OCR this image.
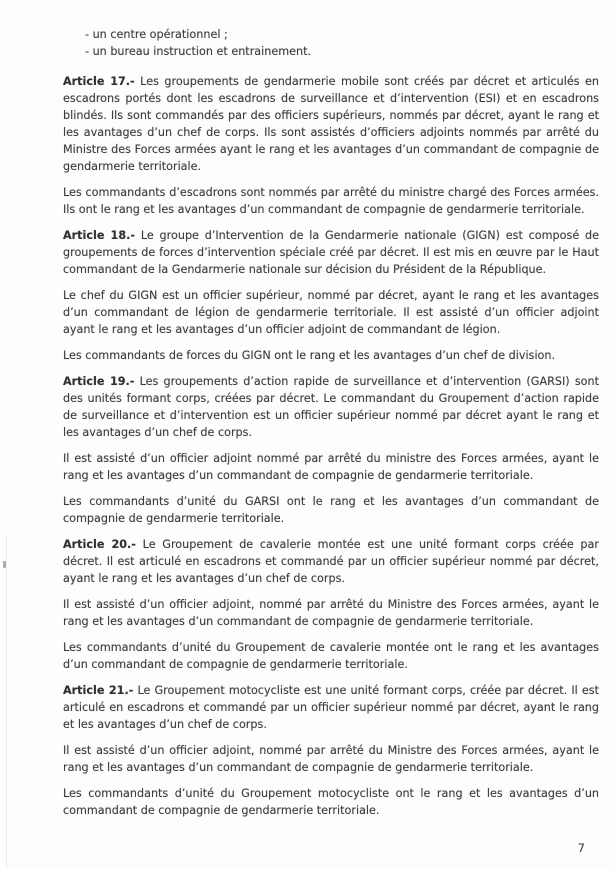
- un centre opérationnel ;
- un bureau instruction et entrainement.

Article 17.- Les groupements de gendarmerie mobile sont créés par décret et articulés en escadrons portés dont les escadrons de surveillance et d’intervention (ESI) et en escadrons blindés. Ils sont commandés par des officiers supérieurs, nommés par décret, ayant le rang et les avantages d’un chef de corps. Ils sont assistés d’officiers adjoints nommés par arrêté du Ministre des Forces armées ayant le rang et les avantages d’un commandant de compagnie de gendarmerie territoriale.

Les commandants d’escadrons sont nommés par arrêté du ministre chargé des Forces armées. Ils ont le rang et les avantages d’un commandant de compagnie de gendarmerie territoriale.

Article 18.- Le groupe d’Intervention de la Gendarmerie nationale (GIGN) est composé de groupements de forces d’intervention spéciale créé par décret. Il est mis en œuvre par le Haut commandant de la Gendarmerie nationale sur décision du Président de la République.

Le chef du GIGN est un officier supérieur, nommé par décret, ayant le rang et les avantages d’un commandant de légion de gendarmerie territoriale. Il est assisté d’un officier adjoint ayant le rang et les avantages d’un officier adjoint de commandant de légion.

Les commandants de forces du GIGN ont le rang et les avantages d’un chef de division.

Article 19.- Les groupements d’action rapide de surveillance et d’intervention (GARSI) sont des unités formant corps, créées par décret. Le commandant du Groupement d’action rapide de surveillance et d’intervention est un officier supérieur nommé par décret ayant le rang et les avantages d’un chef de corps.

Il est assisté d’un officier adjoint nommé par arrêté du ministre des Forces armées, ayant le rang et les avantages d’un commandant de compagnie de gendarmerie territoriale.

Les commandants d’unité du GARSI ont le rang et les avantages d’un commandant de compagnie de gendarmerie territoriale.

Article 20.- Le Groupement de cavalerie montée est une unité formant corps créée par décret. Il est articulé en escadrons et commandé par un officier supérieur nommé par décret, ayant le rang et les avantages d’un chef de corps.

Il est assisté d’un officier adjoint, nommé par arrêté du Ministre des Forces armées, ayant le rang et les avantages d’un commandant de compagnie de gendarmerie territoriale.

Les commandants d’unité du Groupement de cavalerie montée ont le rang et les avantages d’un commandant de compagnie de gendarmerie territoriale.

Article 21.- Le Groupement motocycliste est une unité formant corps, créée par décret. Il est articulé en escadrons et commandé par un officier supérieur nommé par décret, ayant le rang et les avantages d’un chef de corps.

Il est assisté d’un officier adjoint, nommé par arrêté du Ministre des Forces armées, ayant le rang et les avantages d’un commandant de compagnie de gendarmerie territoriale.

Les commandants d’unité du Groupement motocycliste ont le rang et les avantages d’un commandant de compagnie de gendarmerie territoriale.

7
